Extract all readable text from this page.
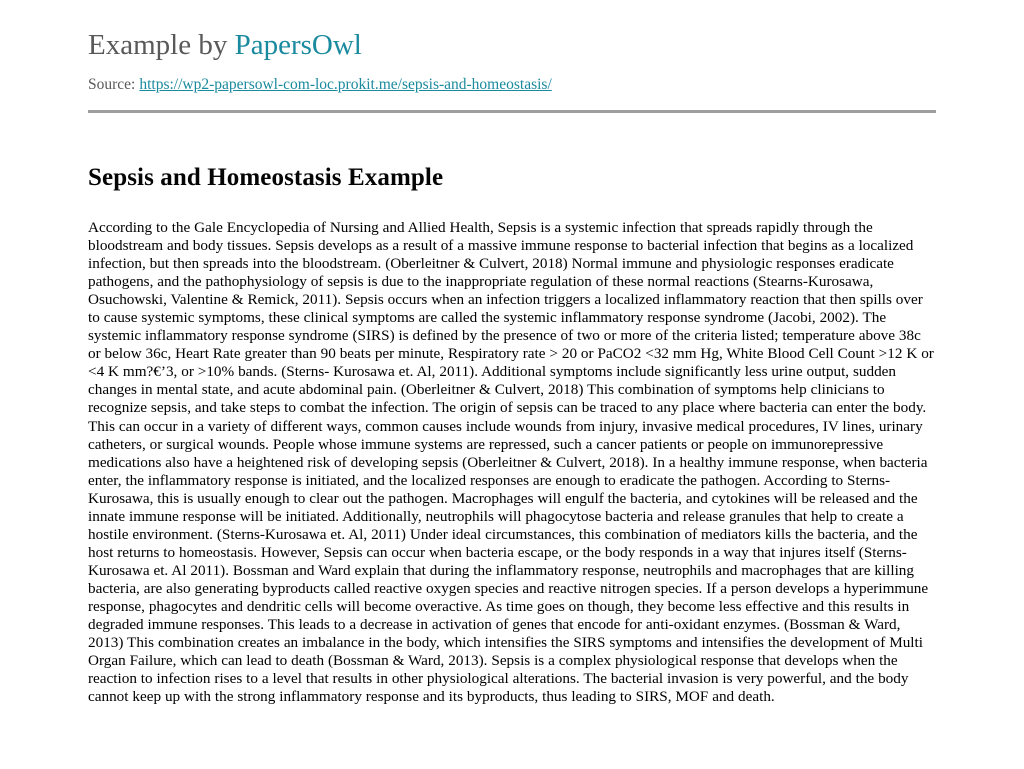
Example by PapersOwl
Source: https://wp2-papersowl-com-loc.prokit.me/sepsis-and-homeostasis/
Sepsis and Homeostasis Example

According to the Gale Encyclopedia of Nursing and Allied Health, Sepsis is a systemic infection that spreads rapidly through the bloodstream and body tissues. Sepsis develops as a result of a massive immune response to bacterial infection that begins as a localized infection, but then spreads into the bloodstream. (Oberleitner & Culvert, 2018) Normal immune and physiologic responses eradicate pathogens, and the pathophysiology of sepsis is due to the inappropriate regulation of these normal reactions (Stearns-Kurosawa, Osuchowski, Valentine & Remick, 2011). Sepsis occurs when an infection triggers a localized inflammatory reaction that then spills over to cause systemic symptoms, these clinical symptoms are called the systemic inflammatory response syndrome (Jacobi, 2002). The systemic inflammatory response syndrome (SIRS) is defined by the presence of two or more of the criteria listed; temperature above 38c or below 36c, Heart Rate greater than 90 beats per minute, Respiratory rate > 20 or PaCO2 <32 mm Hg, White Blood Cell Count >12 K or <4 K mm?€’3, or >10% bands. (Sterns- Kurosawa et. Al, 2011). Additional symptoms include significantly less urine output, sudden changes in mental state, and acute abdominal pain. (Oberleitner & Culvert, 2018) This combination of symptoms help clinicians to recognize sepsis, and take steps to combat the infection. The origin of sepsis can be traced to any place where bacteria can enter the body. This can occur in a variety of different ways, common causes include wounds from injury, invasive medical procedures, IV lines, urinary catheters, or surgical wounds. People whose immune systems are repressed, such a cancer patients or people on immunorepressive medications also have a heightened risk of developing sepsis (Oberleitner & Culvert, 2018). In a healthy immune response, when bacteria enter, the inflammatory response is initiated, and the localized responses are enough to eradicate the pathogen. According to Sterns-Kurosawa, this is usually enough to clear out the pathogen. Macrophages will engulf the bacteria, and cytokines will be released and the innate immune response will be initiated. Additionally, neutrophils will phagocytose bacteria and release granules that help to create a hostile environment. (Sterns-Kurosawa et. Al, 2011) Under ideal circumstances, this combination of mediators kills the bacteria, and the host returns to homeostasis. However, Sepsis can occur when bacteria escape, or the body responds in a way that injures itself (Sterns- Kurosawa et. Al 2011). Bossman and Ward explain that during the inflammatory response, neutrophils and macrophages that are killing bacteria, are also generating byproducts called reactive oxygen species and reactive nitrogen species. If a person develops a hyperimmune response, phagocytes and dendritic cells will become overactive. As time goes on though, they become less effective and this results in degraded immune responses. This leads to a decrease in activation of genes that encode for anti-oxidant enzymes. (Bossman & Ward, 2013) This combination creates an imbalance in the body, which intensifies the SIRS symptoms and intensifies the development of Multi Organ Failure, which can lead to death (Bossman & Ward, 2013). Sepsis is a complex physiological response that develops when the reaction to infection rises to a level that results in other physiological alterations. The bacterial invasion is very powerful, and the body cannot keep up with the strong inflammatory response and its byproducts, thus leading to SIRS, MOF and death.
